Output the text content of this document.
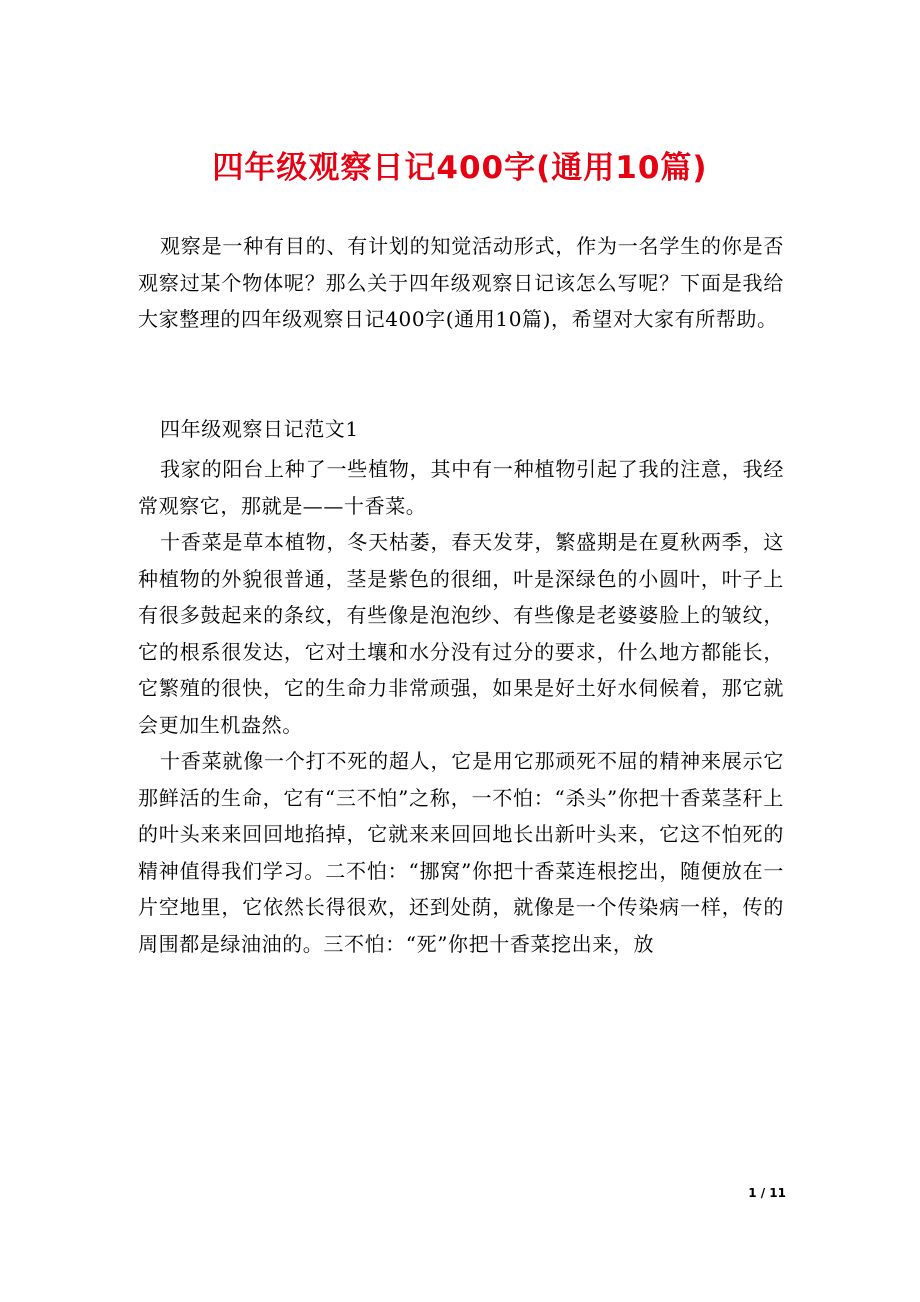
四年级观察日记400字(通用10篇)

观察是一种有目的、有计划的知觉活动形式，作为一名学生的你是否观察过某个物体呢？那么关于四年级观察日记该怎么写呢？下面是我给大家整理的四年级观察日记400字(通用10篇)，希望对大家有所帮助。

四年级观察日记范文1

我家的阳台上种了一些植物，其中有一种植物引起了我的注意，我经常观察它，那就是——十香菜。

十香菜是草本植物，冬天枯萎，春天发芽，繁盛期是在夏秋两季，这种植物的外貌很普通，茎是紫色的很细，叶是深绿色的小圆叶，叶子上有很多鼓起来的条纹，有些像是泡泡纱、有些像是老婆婆脸上的皱纹，它的根系很发达，它对土壤和水分没有过分的要求，什么地方都能长，它繁殖的很快，它的生命力非常顽强，如果是好土好水伺候着，那它就会更加生机盎然。

十香菜就像一个打不死的超人，它是用它那顽死不屈的精神来展示它那鲜活的生命，它有“三不怕”之称，一不怕：“杀头”你把十香菜茎秆上的叶头来来回回地掐掉，它就来来回回地长出新叶头来，它这不怕死的精神值得我们学习。二不怕：“挪窝”你把十香菜连根挖出，随便放在一片空地里，它依然长得很欢，还到处荫，就像是一个传染病一样，传的周围都是绿油油的。三不怕：“死”你把十香菜挖出来，放

1 / 11
